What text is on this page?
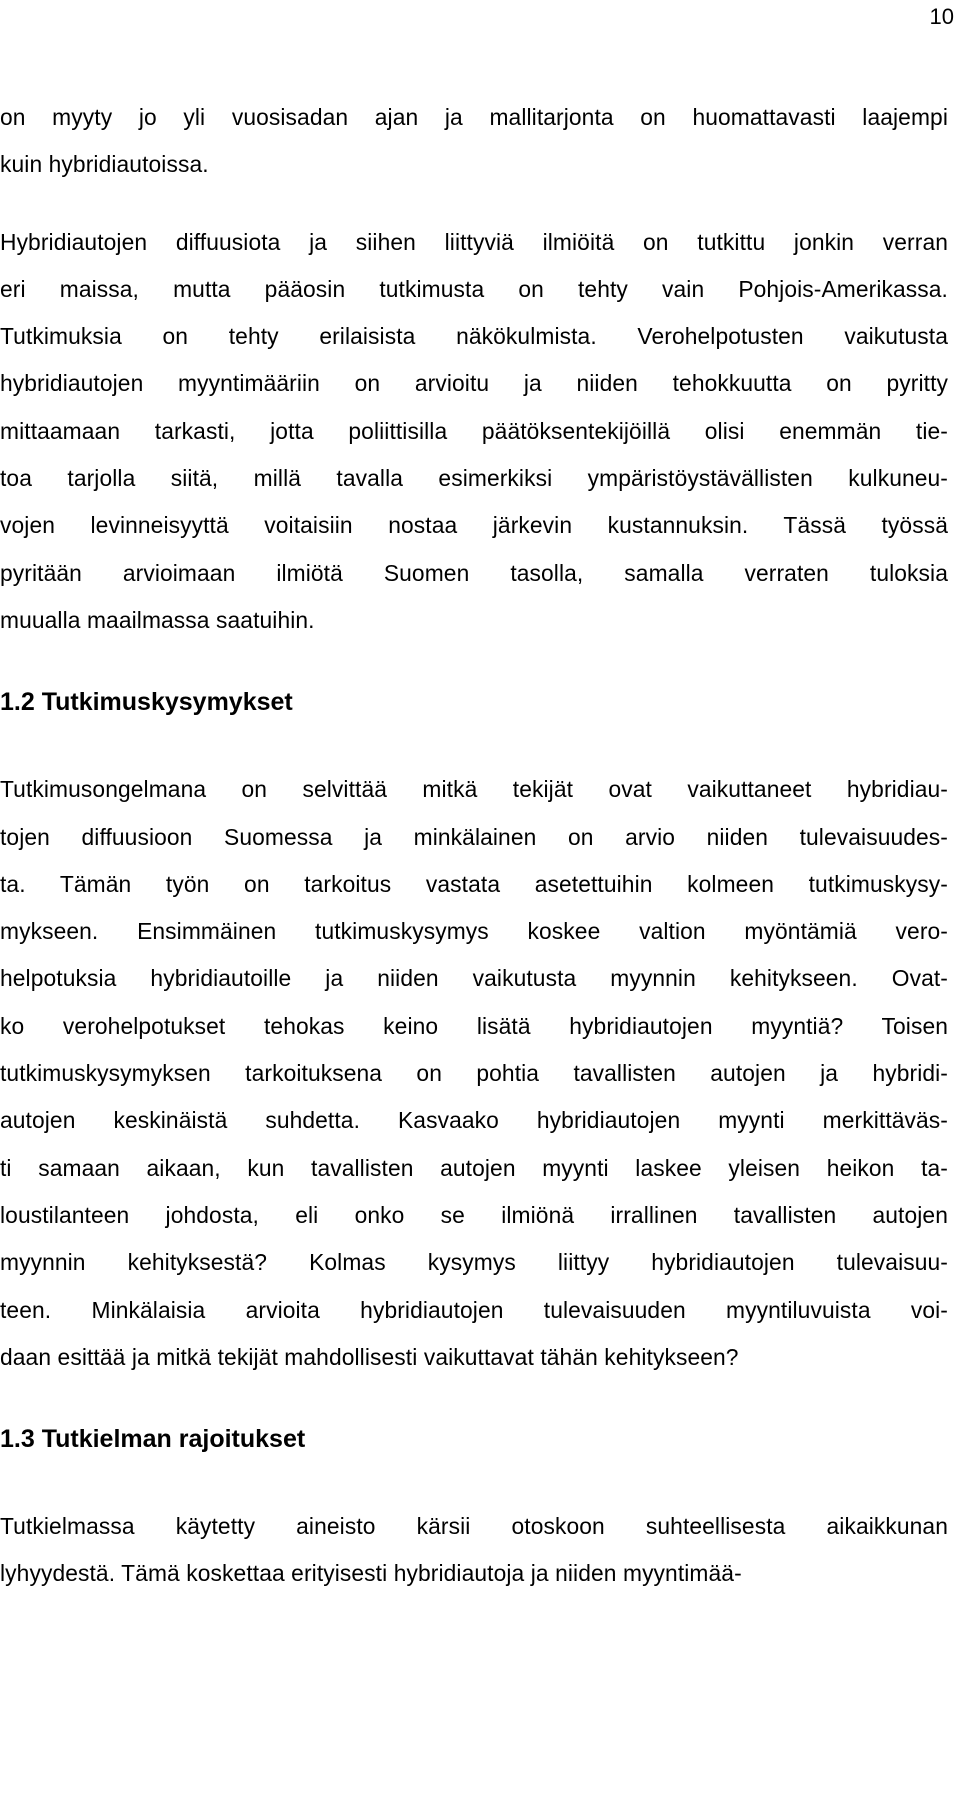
10
on myyty jo yli vuosisadan ajan ja mallitarjonta on huomattavasti laajempi kuin hybridiautoissa.
Hybridiautojen diffuusiota ja siihen liittyviä ilmiöitä on tutkittu jonkin verran eri maissa, mutta pääosin tutkimusta on tehty vain Pohjois-Amerikassa. Tutkimuksia on tehty erilaisista näkökulmista. Verohelpotusten vaikutusta hybridiautojen myyntimääriin on arvioitu ja niiden tehokkuutta on pyritty mittaamaan tarkasti, jotta poliittisilla päätöksentekijöillä olisi enemmän tie- toa tarjolla siitä, millä tavalla esimerkiksi ympäristöystävällisten kulkuneu- vojen levinneisyyttä voitaisiin nostaa järkevin kustannuksin. Tässä työssä pyritään arvioimaan ilmiötä Suomen tasolla, samalla verraten tuloksia muualla maailmassa saatuihin.
1.2 Tutkimuskysymykset
Tutkimusongelmana on selvittää mitkä tekijät ovat vaikuttaneet hybridiau- tojen diffuusioon Suomessa ja minkälainen on arvio niiden tulevaisuudes- ta. Tämän työn on tarkoitus vastata asetettuihin kolmeen tutkimuskysy- mykseen. Ensimmäinen tutkimuskysymys koskee valtion myöntämiä vero- helpotuksia hybridiautoille ja niiden vaikutusta myynnin kehitykseen. Ovat- ko verohelpotukset tehokas keino lisätä hybridiautojen myyntiä? Toisen tutkimuskysymyksen tarkoituksena on pohtia tavallisten autojen ja hybridi- autojen keskinäistä suhdetta. Kasvaako hybridiautojen myynti merkittäväs- ti samaan aikaan, kun tavallisten autojen myynti laskee yleisen heikon ta- loustilanteen johdosta, eli onko se ilmiönä irrallinen tavallisten autojen myynnin kehityksestä? Kolmas kysymys liittyy hybridiautojen tulevaisuu- teen. Minkälaisia arvioita hybridiautojen tulevaisuuden myyntiluvuista voi- daan esittää ja mitkä tekijät mahdollisesti vaikuttavat tähän kehitykseen?
1.3 Tutkielman rajoitukset
Tutkielmassa käytetty aineisto kärsii otoskoon suhteellisesta aikaikkunan lyhyydestä. Tämä koskettaa erityisesti hybridiautoja ja niiden myyntimää-
